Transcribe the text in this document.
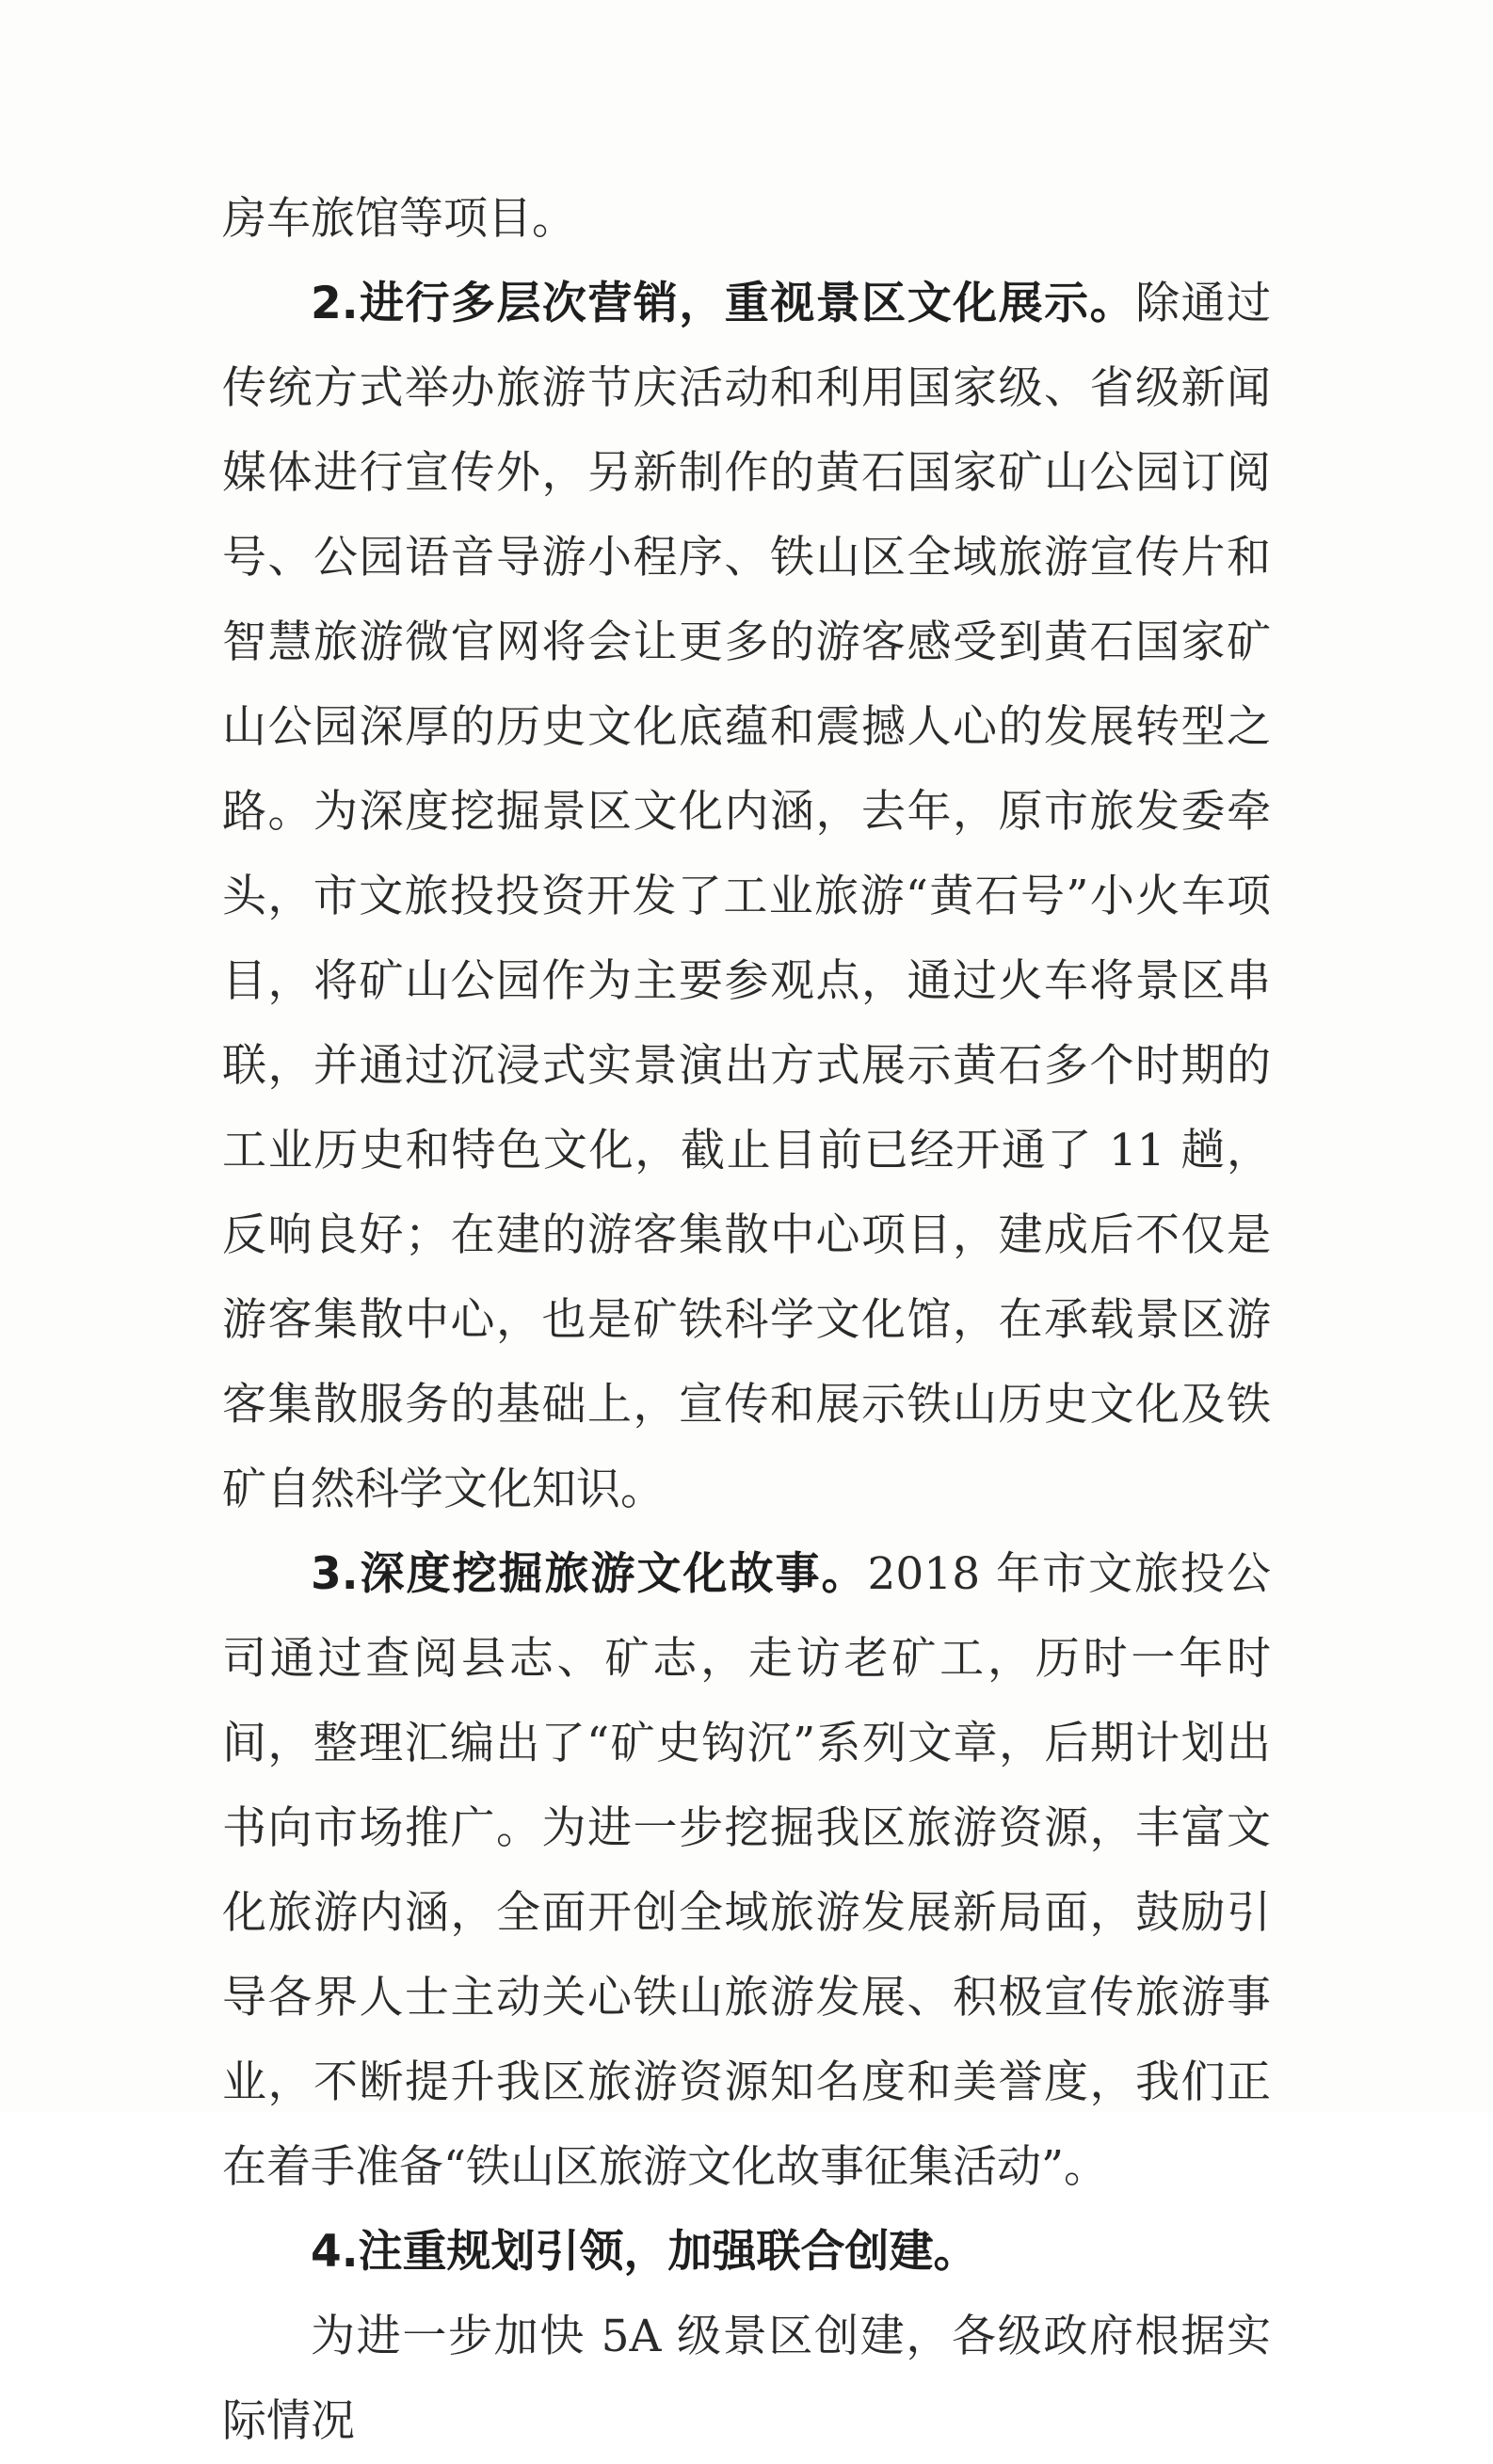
房车旅馆等项目。

2.进行多层次营销，重视景区文化展示。除通过传统方式举办旅游节庆活动和利用国家级、省级新闻媒体进行宣传外，另新制作的黄石国家矿山公园订阅号、公园语音导游小程序、铁山区全域旅游宣传片和智慧旅游微官网将会让更多的游客感受到黄石国家矿山公园深厚的历史文化底蕴和震撼人心的发展转型之路。为深度挖掘景区文化内涵，去年，原市旅发委牵头，市文旅投投资开发了工业旅游“黄石号”小火车项目，将矿山公园作为主要参观点，通过火车将景区串联，并通过沉浸式实景演出方式展示黄石多个时期的工业历史和特色文化，截止目前已经开通了 11 趟，反响良好；在建的游客集散中心项目，建成后不仅是游客集散中心，也是矿铁科学文化馆，在承载景区游客集散服务的基础上，宣传和展示铁山历史文化及铁矿自然科学文化知识。

3.深度挖掘旅游文化故事。2018 年市文旅投公司通过查阅县志、矿志，走访老矿工，历时一年时间，整理汇编出了“矿史钩沉”系列文章，后期计划出书向市场推广。为进一步挖掘我区旅游资源，丰富文化旅游内涵，全面开创全域旅游发展新局面，鼓励引导各界人士主动关心铁山旅游发展、积极宣传旅游事业，不断提升我区旅游资源知名度和美誉度，我们正在着手准备“铁山区旅游文化故事征集活动”。

4.注重规划引领，加强联合创建。

为进一步加快 5A 级景区创建，各级政府根据实际情况
